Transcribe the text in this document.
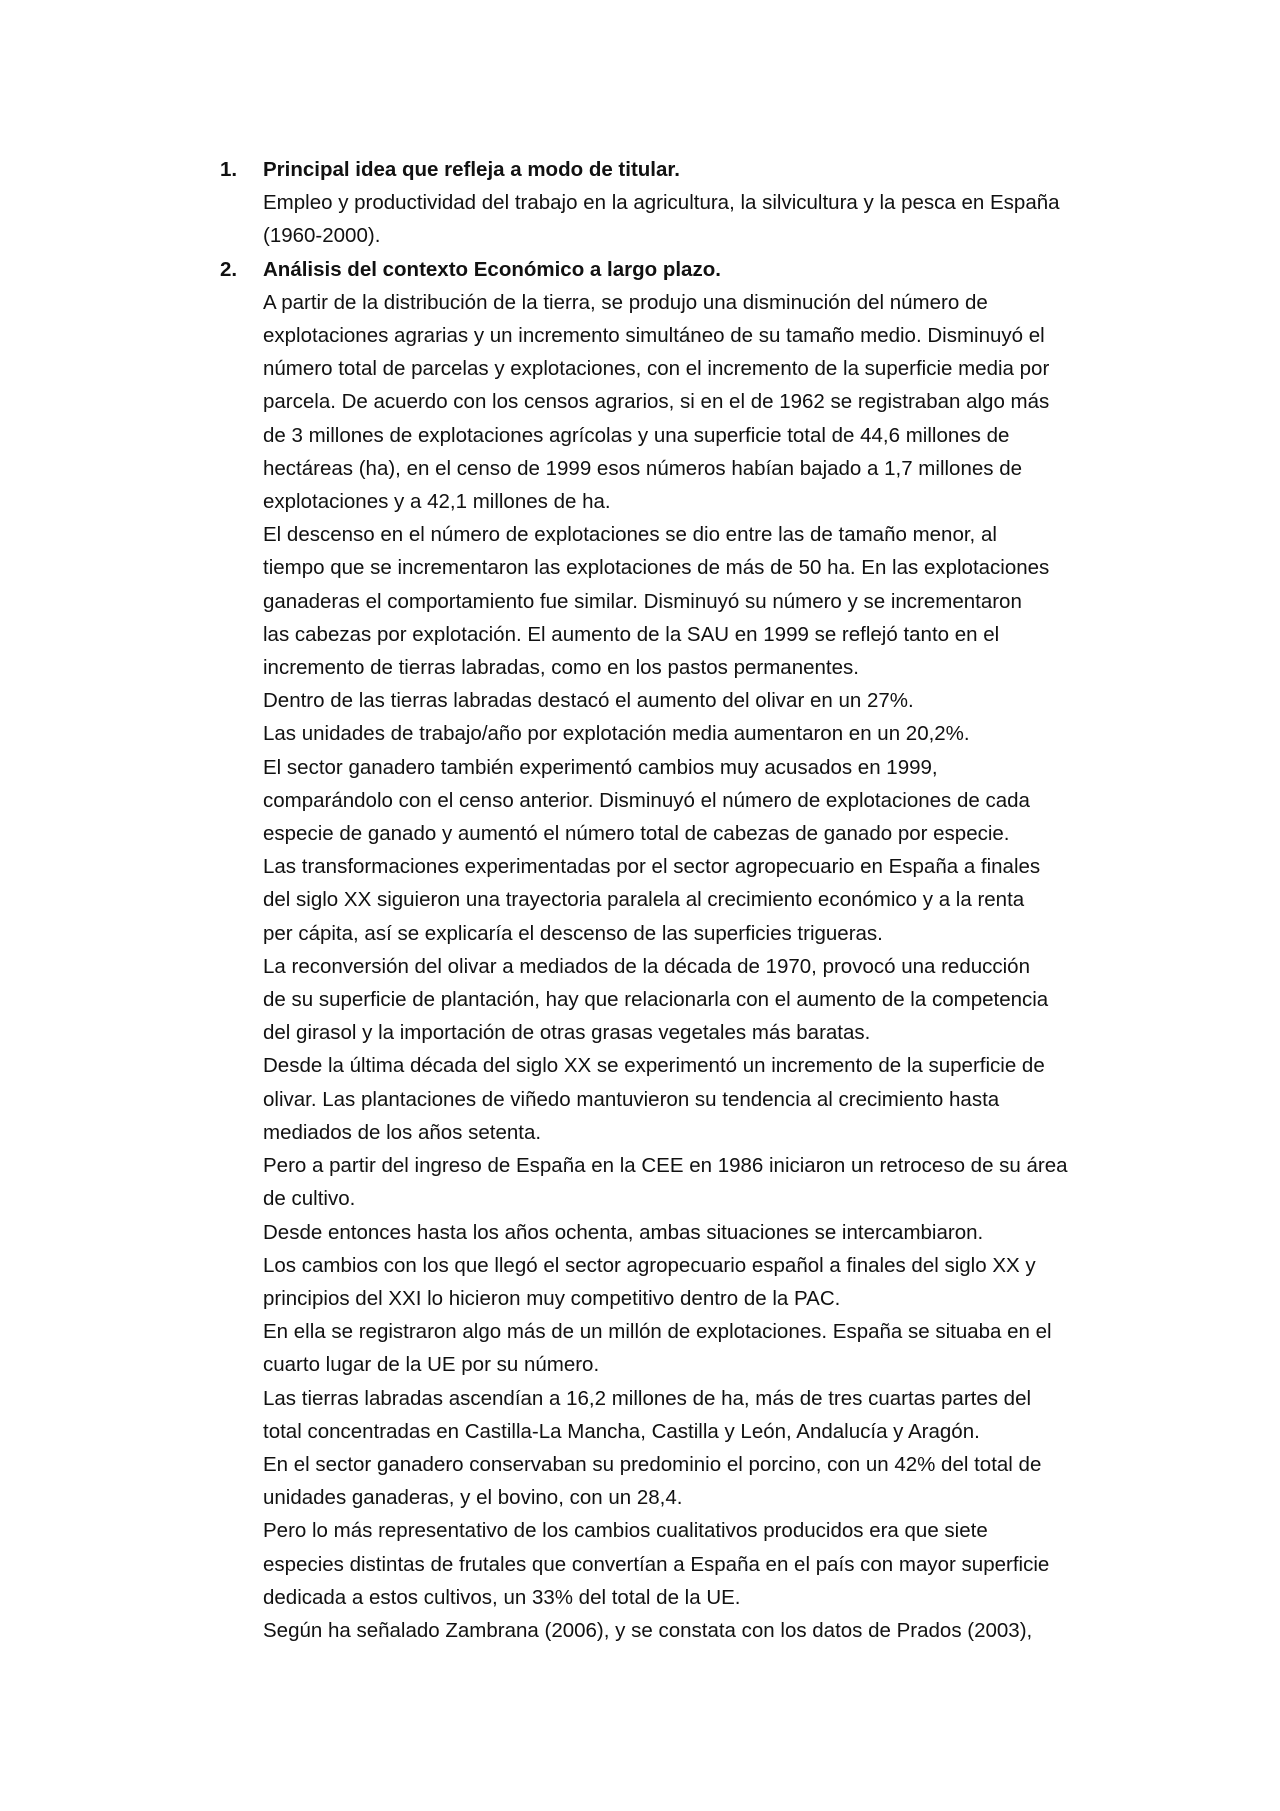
1. Principal idea que refleja a modo de titular.
Empleo y productividad del trabajo en la agricultura, la silvicultura y la pesca en España
(1960-2000).
2. Análisis del contexto Económico a largo plazo.
A partir de la distribución de la tierra, se produjo una disminución del número de
explotaciones agrarias y un incremento simultáneo de su tamaño medio. Disminuyó el
número total de parcelas y explotaciones, con el incremento de la superficie media por
parcela. De acuerdo con los censos agrarios, si en el de 1962 se registraban algo más
de 3 millones de explotaciones agrícolas y una superficie total de 44,6 millones de
hectáreas (ha), en el censo de 1999 esos números habían bajado a 1,7 millones de
explotaciones y a 42,1 millones de ha.
El descenso en el número de explotaciones se dio entre las de tamaño menor, al
tiempo que se incrementaron las explotaciones de más de 50 ha. En las explotaciones
ganaderas el comportamiento fue similar. Disminuyó su número y se incrementaron
las cabezas por explotación. El aumento de la SAU en 1999 se reflejó tanto en el
incremento de tierras labradas, como en los pastos permanentes.
Dentro de las tierras labradas destacó el aumento del olivar en un 27%.
Las unidades de trabajo/año por explotación media aumentaron en un 20,2%.
El sector ganadero también experimentó cambios muy acusados en 1999,
comparándolo con el censo anterior. Disminuyó el número de explotaciones de cada
especie de ganado y aumentó el número total de cabezas de ganado por especie.
Las transformaciones experimentadas por el sector agropecuario en España a finales
del siglo XX siguieron una trayectoria paralela al crecimiento económico y a la renta
per cápita, así se explicaría el descenso de las superficies trigueras.
La reconversión del olivar a mediados de la década de 1970, provocó una reducción
de su superficie de plantación, hay que relacionarla con el aumento de la competencia
del girasol y la importación de otras grasas vegetales más baratas.
Desde la última década del siglo XX se experimentó un incremento de la superficie de
olivar. Las plantaciones de viñedo mantuvieron su tendencia al crecimiento hasta
mediados de los años setenta.
Pero a partir del ingreso de España en la CEE en 1986 iniciaron un retroceso de su área
de cultivo.
Desde entonces hasta los años ochenta, ambas situaciones se intercambiaron.
Los cambios con los que llegó el sector agropecuario español a finales del siglo XX y
principios del XXI lo hicieron muy competitivo dentro de la PAC.
En ella se registraron algo más de un millón de explotaciones. España se situaba en el
cuarto lugar de la UE por su número.
Las tierras labradas ascendían a 16,2 millones de ha, más de tres cuartas partes del
total concentradas en Castilla-La Mancha, Castilla y León, Andalucía y Aragón.
En el sector ganadero conservaban su predominio el porcino, con un 42% del total de
unidades ganaderas, y el bovino, con un 28,4.
Pero lo más representativo de los cambios cualitativos producidos era que siete
especies distintas de frutales que convertían a España en el país con mayor superficie
dedicada a estos cultivos, un 33% del total de la UE.
Según ha señalado Zambrana (2006), y se constata con los datos de Prados (2003),
